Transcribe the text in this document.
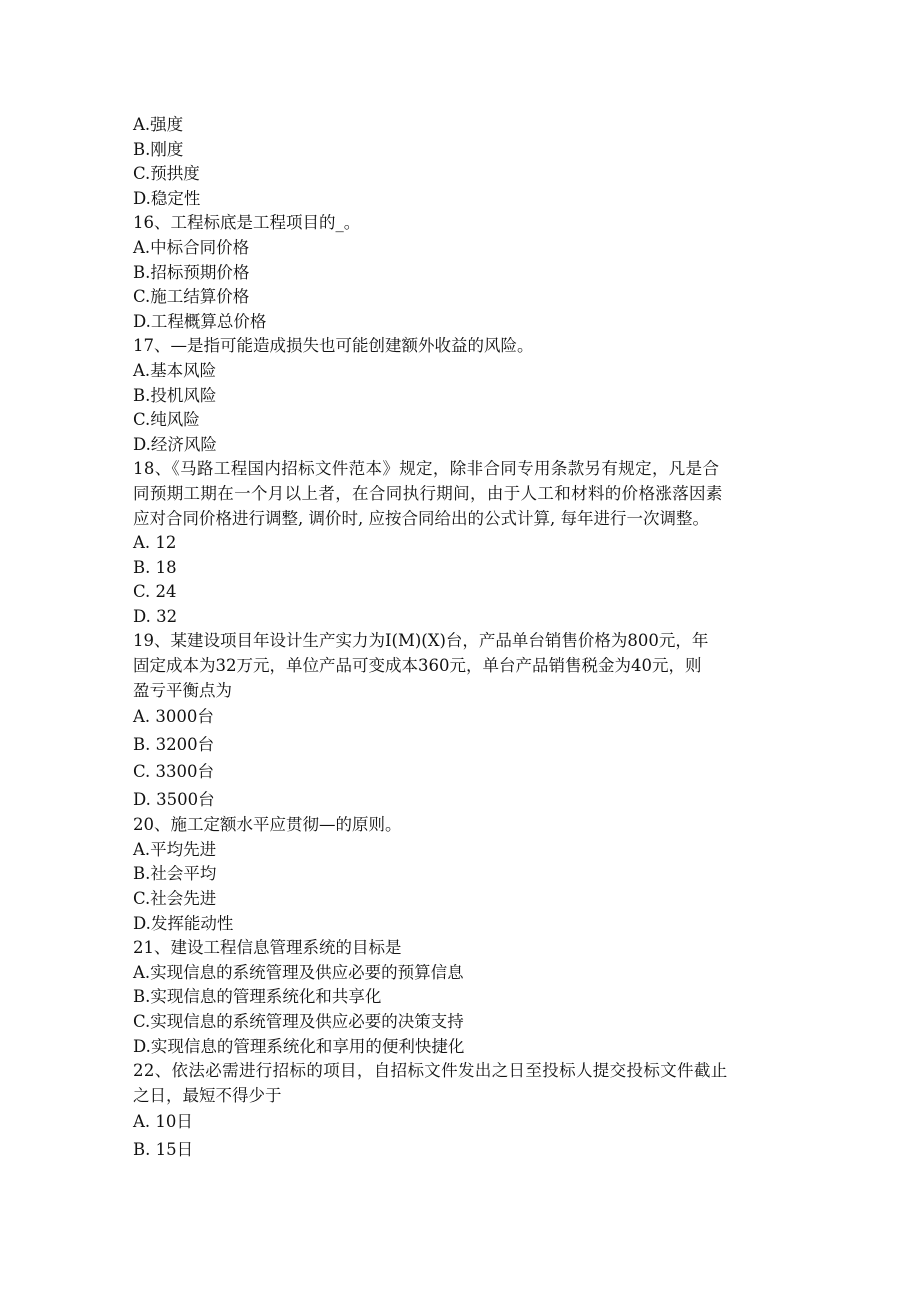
A.强度
B.刚度
C.预拱度
D.稳定性
16、工程标底是工程项目的_。
A.中标合同价格
B.招标预期价格
C.施工结算价格
D.工程概算总价格
17、—是指可能造成损失也可能创建额外收益的风险。
A.基本风险
B.投机风险
C.纯风险
D.经济风险
18、《马路工程国内招标文件范本》规定，除非合同专用条款另有规定，凡是合
同预期工期在一个月以上者，在合同执行期间，由于人工和材料的价格涨落因素
应对合同价格进行调整, 调价时, 应按合同给出的公式计算, 每年进行一次调整。
A. 12
B. 18
C. 24
D. 32
19、某建设项目年设计生产实力为I(M)(X)台，产品单台销售价格为800元，年
固定成本为32万元，单位产品可变成本360元，单台产品销售税金为40元，则
盈亏平衡点为
A. 3000台
B. 3200台
C. 3300台
D. 3500台
20、施工定额水平应贯彻—的原则。
A.平均先进
B.社会平均
C.社会先进
D.发挥能动性
21、建设工程信息管理系统的目标是
A.实现信息的系统管理及供应必要的预算信息
B.实现信息的管理系统化和共享化
C.实现信息的系统管理及供应必要的决策支持
D.实现信息的管理系统化和享用的便利快捷化
22、依法必需进行招标的项目，自招标文件发出之日至投标人提交投标文件截止
之日，最短不得少于
A. 10日
B. 15日
